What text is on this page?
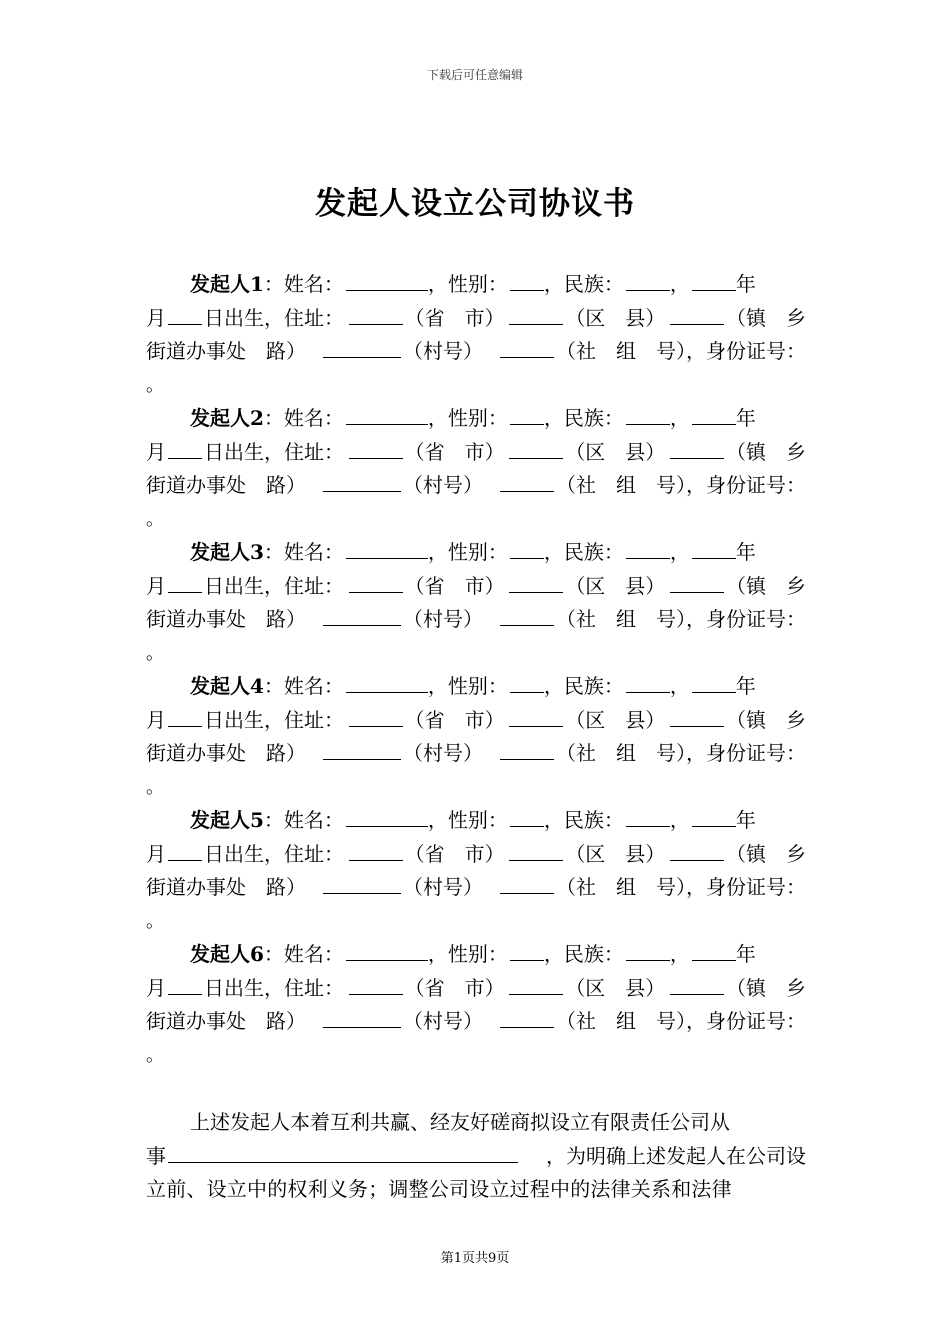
下载后可任意编辑
发起人设立公司协议书
发起人1 ：姓名：	，性别： ，民族： ， 年
月 日出生，住址：	（省　市）	（区　县）	（镇　乡
街道办事处　路）	（村号）	（社　组　号），身份证号：
。
发起人2 ：姓名：	，性别： ，民族： ， 年
月 日出生，住址：	（省　市）	（区　县）	（镇　乡
街道办事处　路）	（村号）	（社　组　号），身份证号：
。
发起人3 ：姓名：	，性别： ，民族： ， 年
月 日出生，住址：	（省　市）	（区　县）	（镇　乡
街道办事处　路）	（村号）	（社　组　号），身份证号：
。
发起人4 ：姓名：	，性别： ，民族： ， 年
月 日出生，住址：	（省　市）	（区　县）	（镇　乡
街道办事处　路）	（村号）	（社　组　号），身份证号：
。
发起人5 ：姓名：	，性别： ，民族： ， 年
月 日出生，住址：	（省　市）	（区　县）	（镇　乡
街道办事处　路）	（村号）	（社　组　号），身份证号：
。
发起人6 ：姓名：	，性别： ，民族： ， 年
月 日出生，住址：	（省　市）	（区　县）	（镇　乡
街道办事处　路）	（村号）	（社　组　号），身份证号：
。
上述发起人本着互利共赢、经友好磋商拟设立有限责任公司从
事	，为明确上述发起人在公司设
立前、设立中的权利义务；调整公司设立过程中的法律关系和法律
第1页共9页
